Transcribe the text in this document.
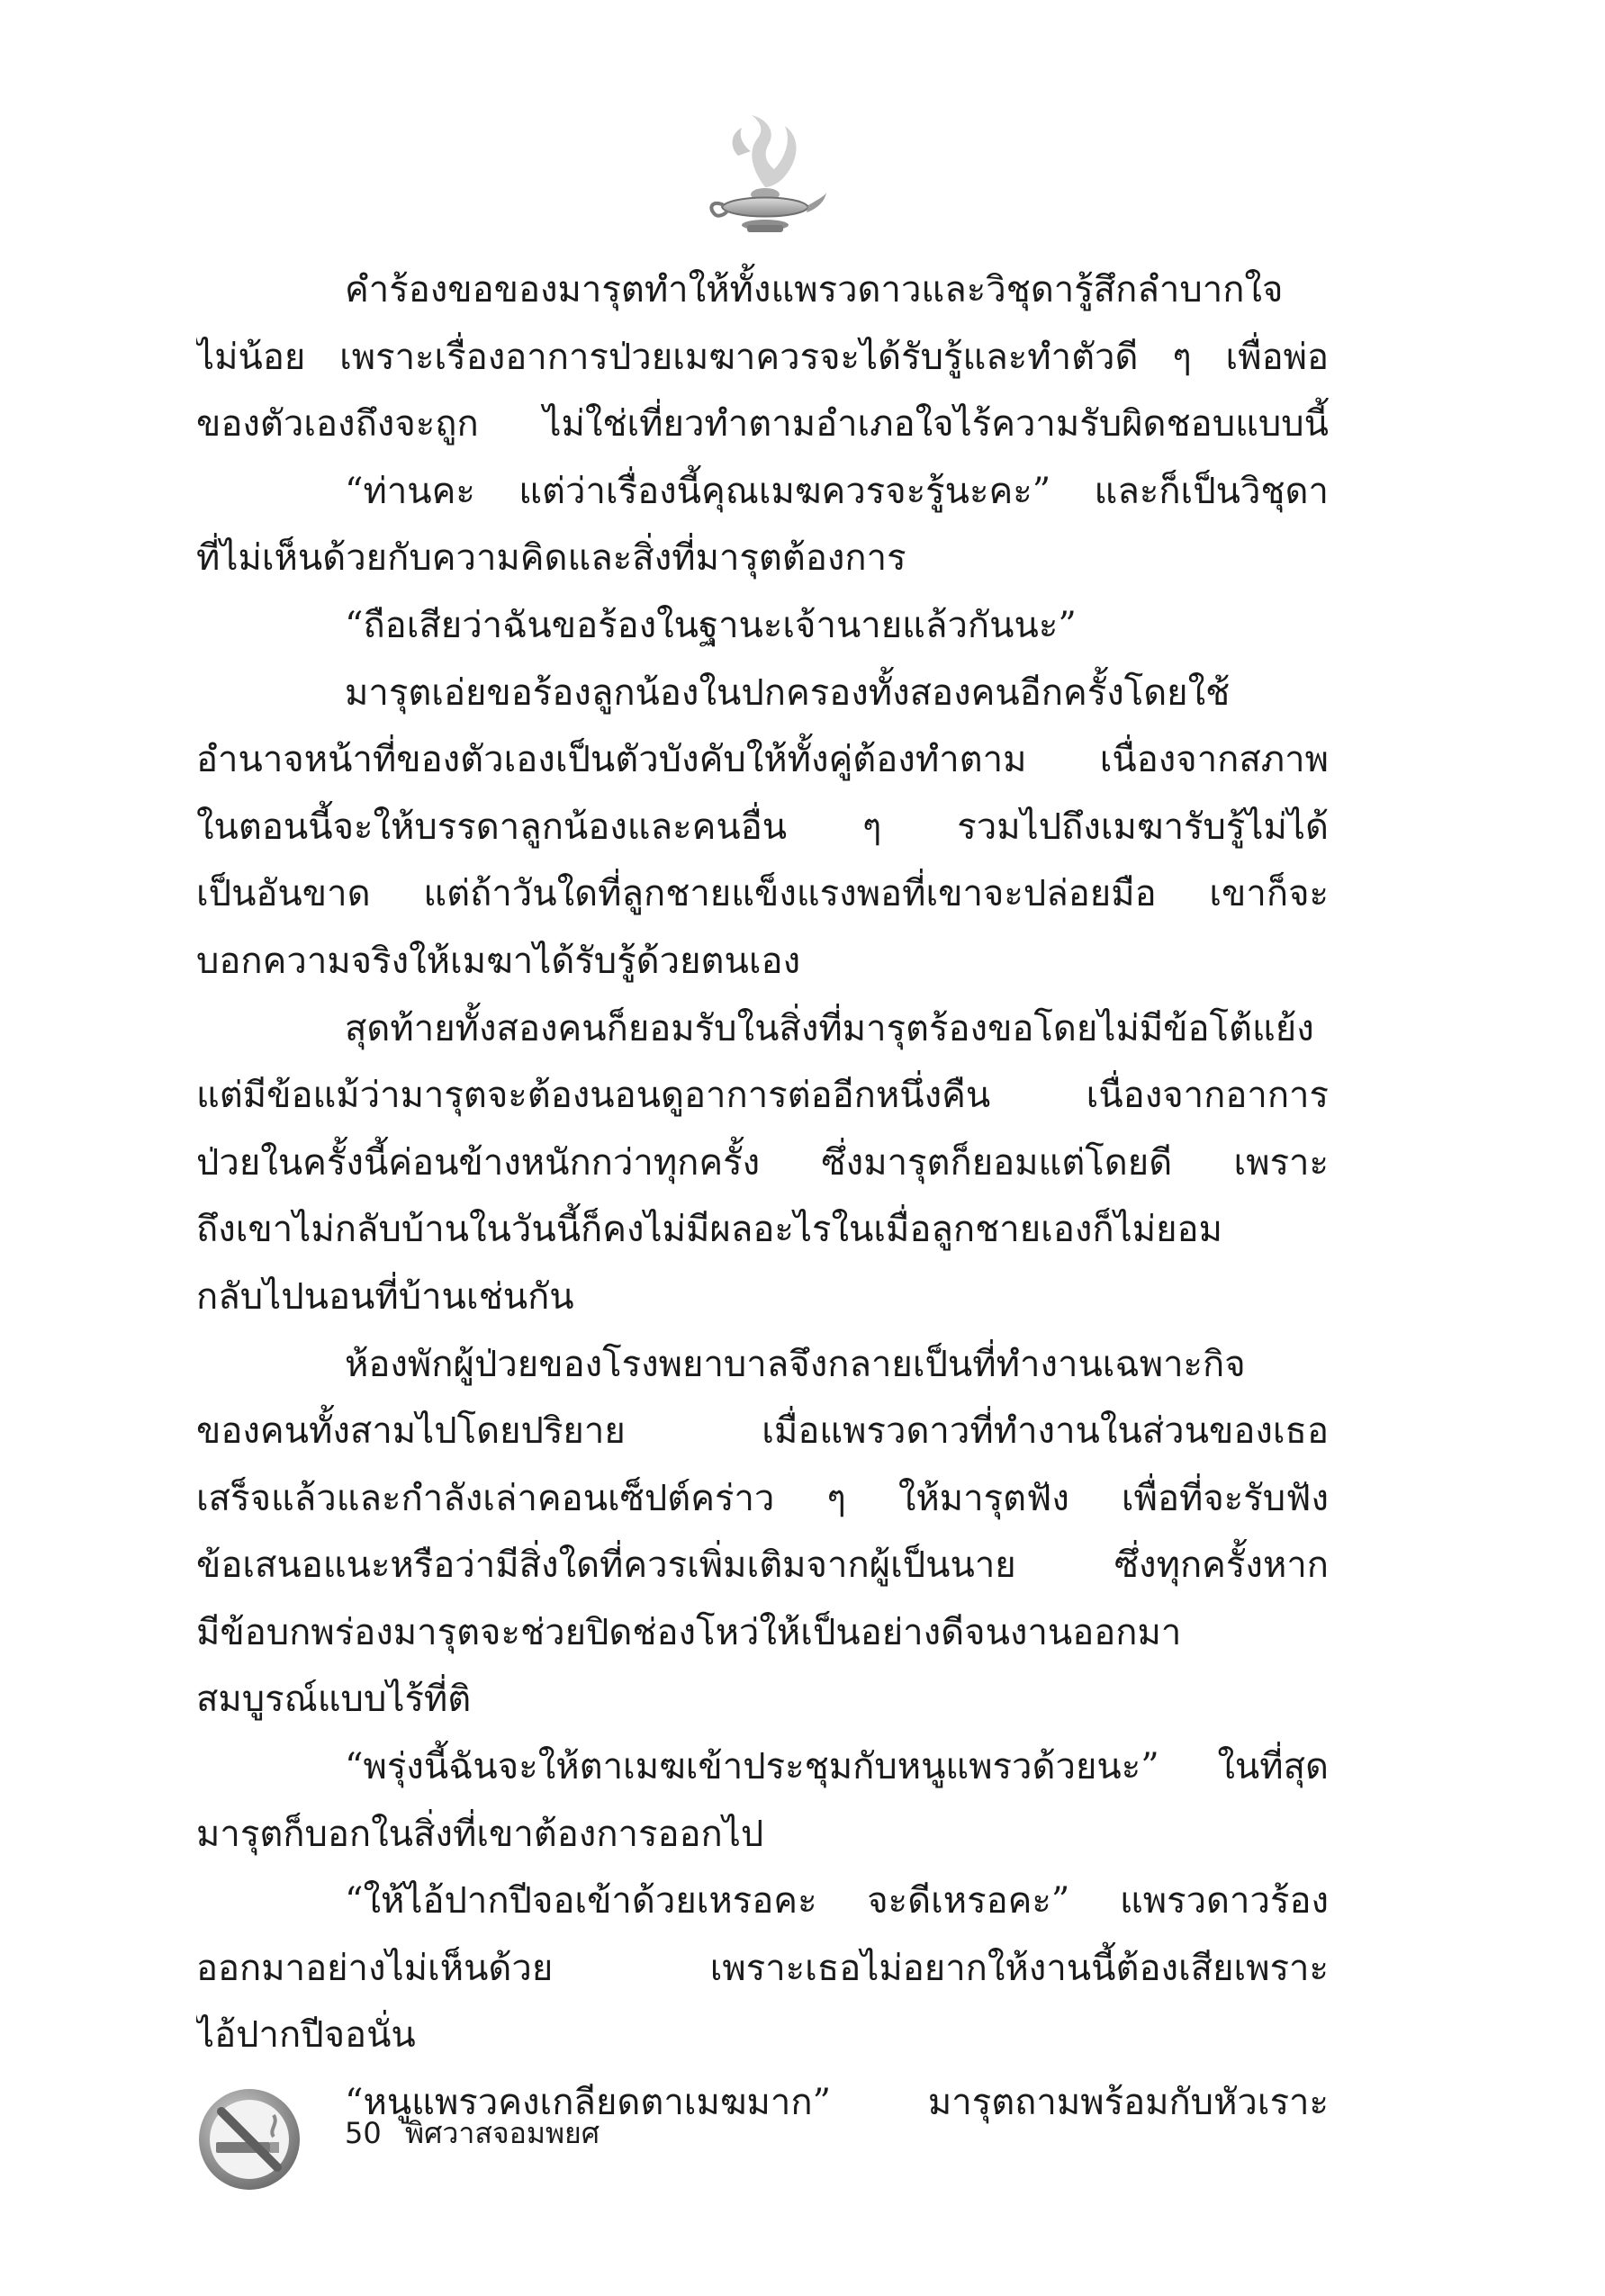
คำร้องขอของมารุตทำให้ทั้งแพรวดาวและวิชุดารู้สึกลำบากใจ
ไม่น้อย เพราะเรื่องอาการป่วยเมฆาควรจะได้รับรู้และทำตัวดี ๆ เพื่อพ่อ
ของตัวเองถึงจะถูก ไม่ใช่เที่ยวทำตามอำเภอใจไร้ความรับผิดชอบแบบนี้
“ท่านคะ แต่ว่าเรื่องนี้คุณเมฆควรจะรู้นะคะ” และก็เป็นวิชุดา
ที่ไม่เห็นด้วยกับความคิดและสิ่งที่มารุตต้องการ
“ถือเสียว่าฉันขอร้องในฐานะเจ้านายแล้วกันนะ”
มารุตเอ่ยขอร้องลูกน้องในปกครองทั้งสองคนอีกครั้งโดยใช้
อำนาจหน้าที่ของตัวเองเป็นตัวบังคับให้ทั้งคู่ต้องทำตาม เนื่องจากสภาพ
ในตอนนี้จะให้บรรดาลูกน้องและคนอื่น ๆ รวมไปถึงเมฆารับรู้ไม่ได้
เป็นอันขาด แต่ถ้าวันใดที่ลูกชายแข็งแรงพอที่เขาจะปล่อยมือ เขาก็จะ
บอกความจริงให้เมฆาได้รับรู้ด้วยตนเอง
สุดท้ายทั้งสองคนก็ยอมรับในสิ่งที่มารุตร้องขอโดยไม่มีข้อโต้แย้ง
แต่มีข้อแม้ว่ามารุตจะต้องนอนดูอาการต่ออีกหนึ่งคืน เนื่องจากอาการ
ป่วยในครั้งนี้ค่อนข้างหนักกว่าทุกครั้ง ซึ่งมารุตก็ยอมแต่โดยดี เพราะ
ถึงเขาไม่กลับบ้านในวันนี้ก็คงไม่มีผลอะไรในเมื่อลูกชายเองก็ไม่ยอม
กลับไปนอนที่บ้านเช่นกัน
ห้องพักผู้ป่วยของโรงพยาบาลจึงกลายเป็นที่ทำงานเฉพาะกิจ
ของคนทั้งสามไปโดยปริยาย เมื่อแพรวดาวที่ทำงานในส่วนของเธอ
เสร็จแล้วและกำลังเล่าคอนเซ็ปต์คร่าว ๆ ให้มารุตฟัง เพื่อที่จะรับฟัง
ข้อเสนอแนะหรือว่ามีสิ่งใดที่ควรเพิ่มเติมจากผู้เป็นนาย ซึ่งทุกครั้งหาก
มีข้อบกพร่องมารุตจะช่วยปิดช่องโหว่ให้เป็นอย่างดีจนงานออกมา
สมบูรณ์แบบไร้ที่ติ
“พรุ่งนี้ฉันจะให้ตาเมฆเข้าประชุมกับหนูแพรวด้วยนะ” ในที่สุด
มารุตก็บอกในสิ่งที่เขาต้องการออกไป
“ให้ไอ้ปากปีจอเข้าด้วยเหรอคะ จะดีเหรอคะ” แพรวดาวร้อง
ออกมาอย่างไม่เห็นด้วย เพราะเธอไม่อยากให้งานนี้ต้องเสียเพราะ
ไอ้ปากปีจอนั่น
“หนูแพรวคงเกลียดตาเมฆมาก” มารุตถามพร้อมกับหัวเราะ
50 พิศวาสจอมพยศ
